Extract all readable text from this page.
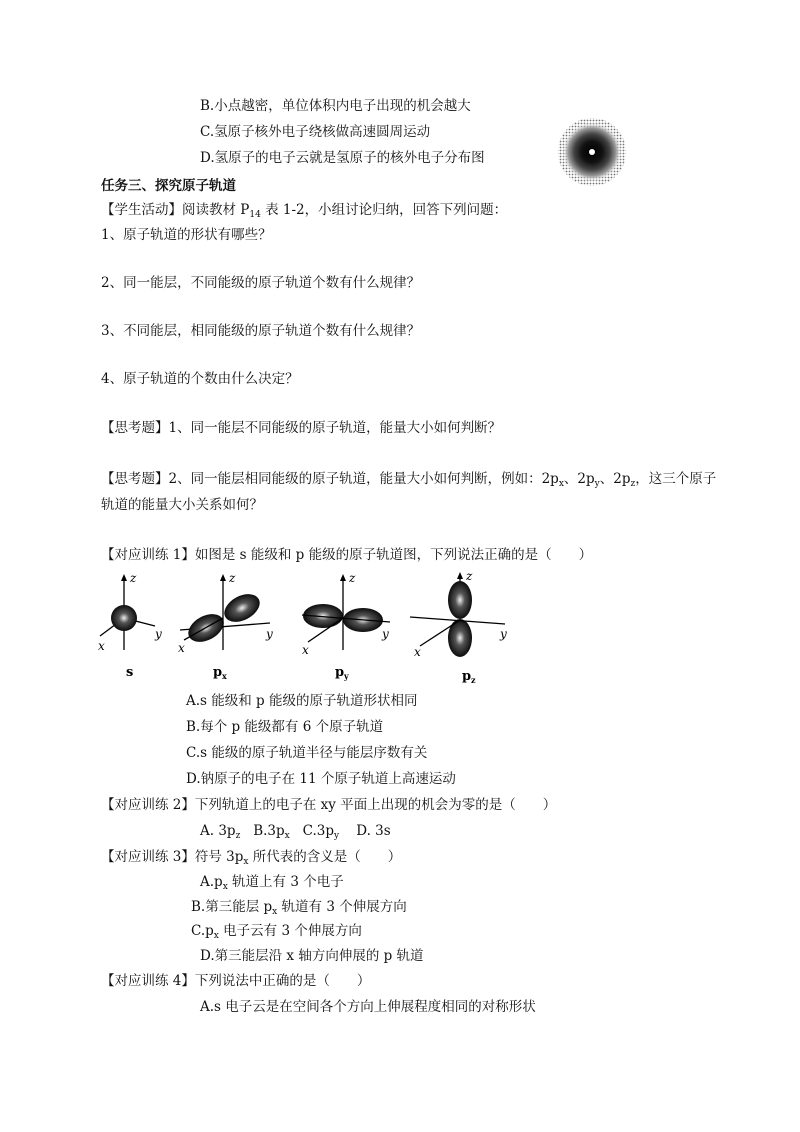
B.小点越密，单位体积内电子出现的机会越大
C.氢原子核外电子绕核做高速圆周运动
D.氢原子的电子云就是氢原子的核外电子分布图
任务三、探究原子轨道
【学生活动】阅读教材 $P_{14}$ 表 1-2，小组讨论归纳，回答下列问题：
1、原子轨道的形状有哪些？
2、同一能层，不同能级的原子轨道个数有什么规律？
3、不同能层，相同能级的原子轨道个数有什么规律？
4、原子轨道的个数由什么决定？
【思考题】1、同一能层不同能级的原子轨道，能量大小如何判断？
【思考题】2、同一能层相同能级的原子轨道，能量大小如何判断，例如：$2p_x$、$2p_y$、$2p_z$，这三个原子
轨道的能量大小关系如何？
【对应训练 1】如图是 s 能级和 p 能级的原子轨道图，下列说法正确的是（　　）
z
y
x
s
z
y
x
p x
z
y
x
p y
z
y
x
p z
A.s 能级和 p 能级的原子轨道形状相同
B.每个 p 能级都有 6 个原子轨道
C.s 能级的原子轨道半径与能层序数有关
D.钠原子的电子在 11 个原子轨道上高速运动
【对应训练 2】下列轨道上的电子在 xy 平面上出现的机会为零的是（　　）
A. $3p_z$ $B.3p_x$ $C.3p_y$ D. 3s
【对应训练 3】符号 $3p_x$ 所代表的含义是（　　）
$A.p_x$ 轨道上有 3 个电子
B.第三能层 $p_x$ 轨道有 3 个伸展方向
$C.p_x$ 电子云有 3 个伸展方向
D.第三能层沿 x 轴方向伸展的 p 轨道
【对应训练 4】下列说法中正确的是（　　）
A.s 电子云是在空间各个方向上伸展程度相同的对称形状
